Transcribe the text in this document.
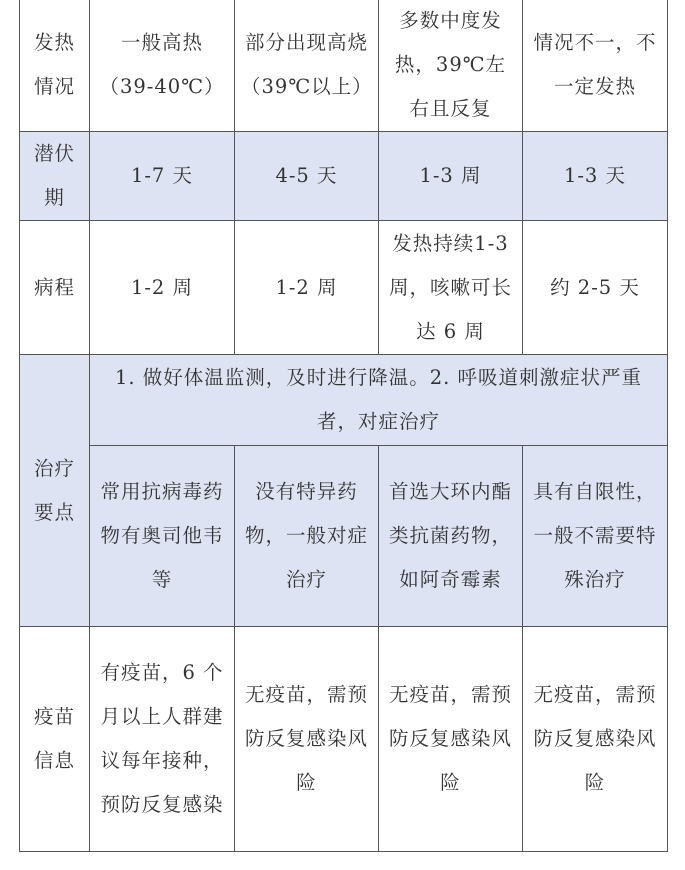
发热情况	一般高热（39-40℃）	部分出现高烧（39℃以上）	多数中度发热，39℃左右且反复	情况不一，不一定发热

潜伏期	1-7 天	4-5 天	1-3 周	1-3 天

病程	1-2 周	1-2 周	发热持续1-3 周，咳嗽可长达 6 周	约 2-5 天

治疗要点	1. 做好体温监测，及时进行降温。2. 呼吸道刺激症状严重者，对症治疗			

	常用抗病毒药物有奥司他韦等	没有特异药物，一般对症治疗	首选大环内酯类抗菌药物，如阿奇霉素	具有自限性，一般不需要特殊治疗

疫苗信息	有疫苗，6 个月以上人群建议每年接种，预防反复感染	无疫苗，需预防反复感染风险	无疫苗，需预防反复感染风险	无疫苗，需预防反复感染风险
